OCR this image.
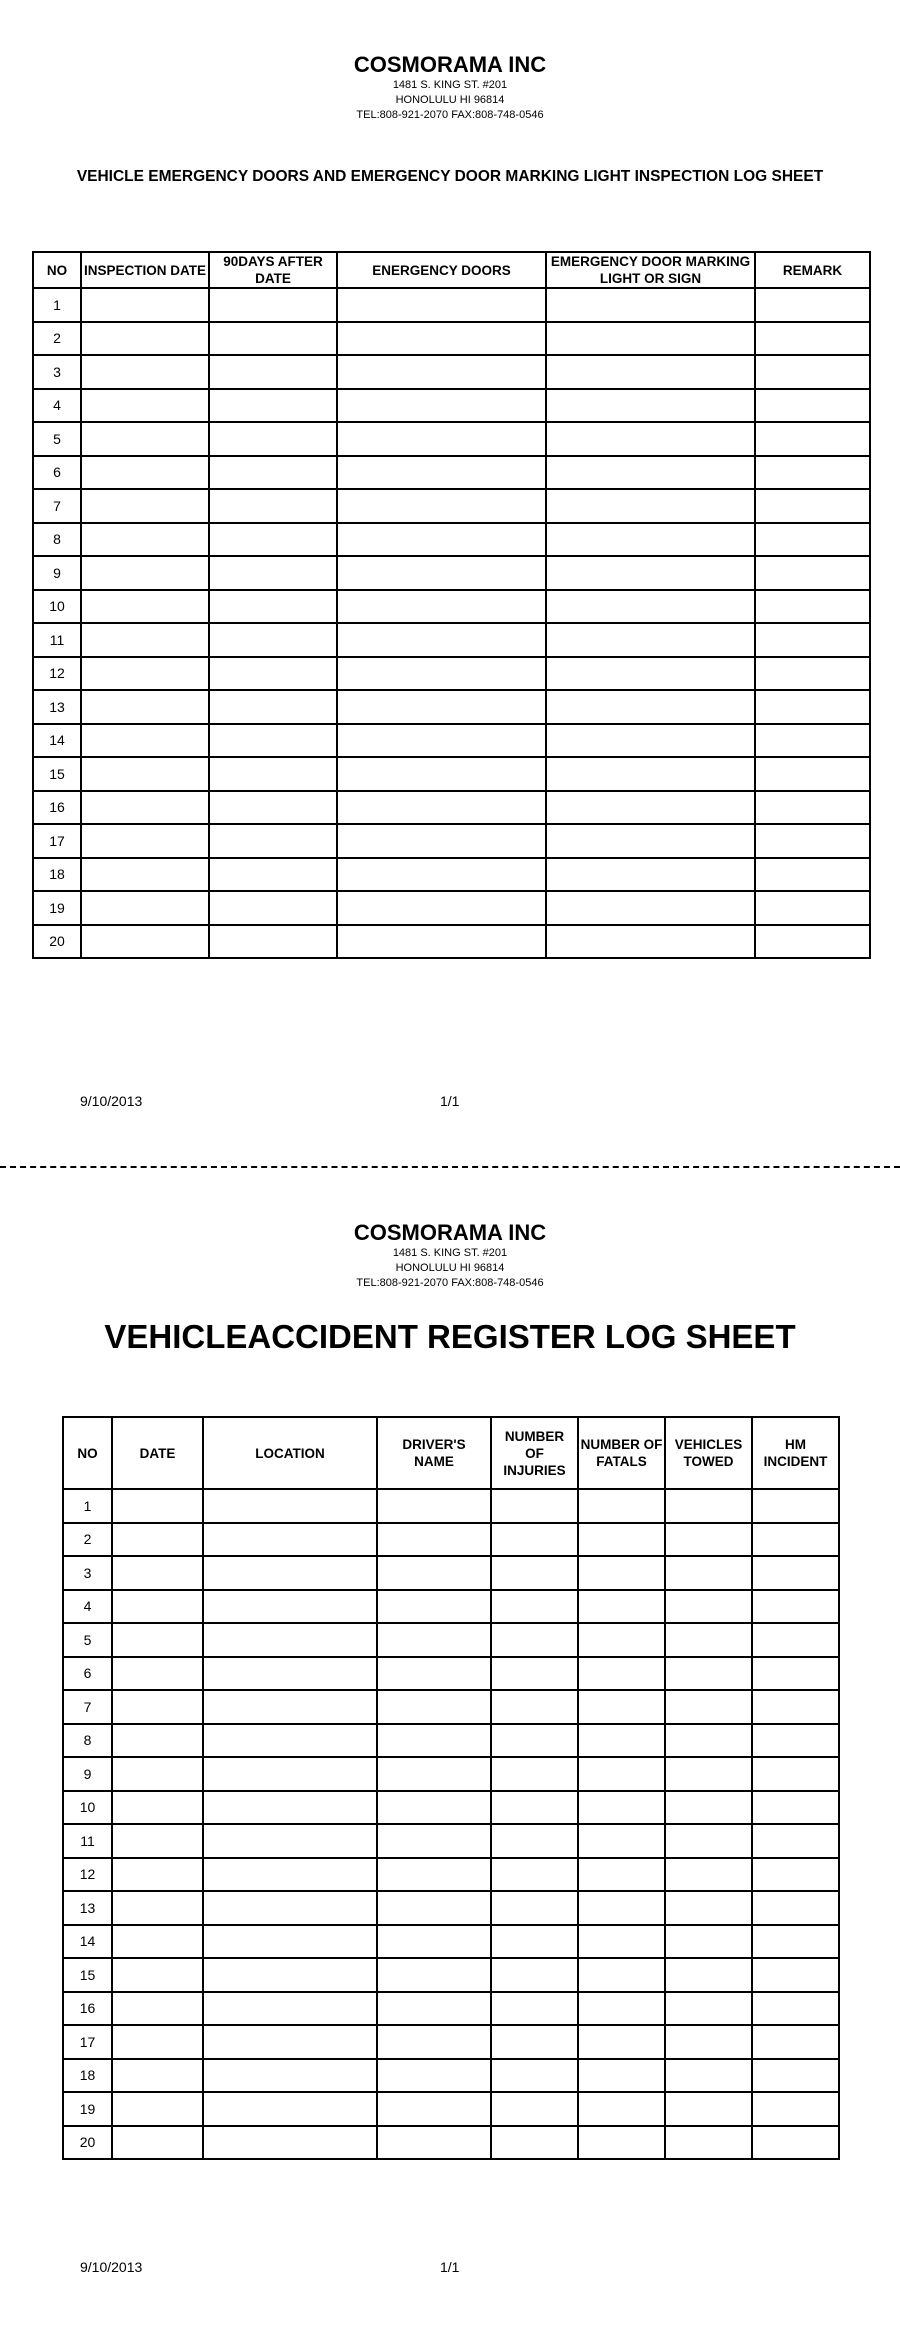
COSMORAMA INC
1481 S. KING ST. #201
HONOLULU HI 96814
TEL:808-921-2070 FAX:808-748-0546
VEHICLE EMERGENCY DOORS AND EMERGENCY DOOR MARKING LIGHT INSPECTION LOG SHEET
NO	INSPECTION DATE	90DAYS AFTER DATE	ENERGENCY DOORS	EMERGENCY DOOR MARKING LIGHT OR SIGN	REMARK
1					
2					
3					
4					
5					
6					
7					
8					
9					
10					
11					
12					
13					
14					
15					
16					
17					
18					
19					
20					
9/10/2013	1/1
COSMORAMA INC
1481 S. KING ST. #201
HONOLULU HI 96814
TEL:808-921-2070 FAX:808-748-0546
VEHICLEACCIDENT REGISTER LOG SHEET
NO	DATE	LOCATION	DRIVER'S NAME	NUMBER OF INJURIES	NUMBER OF FATALS	VEHICLES TOWED	HM INCIDENT
1							
2							
3							
4							
5							
6							
7							
8							
9							
10							
11							
12							
13							
14							
15							
16							
17							
18							
19							
20							
9/10/2013	1/1
